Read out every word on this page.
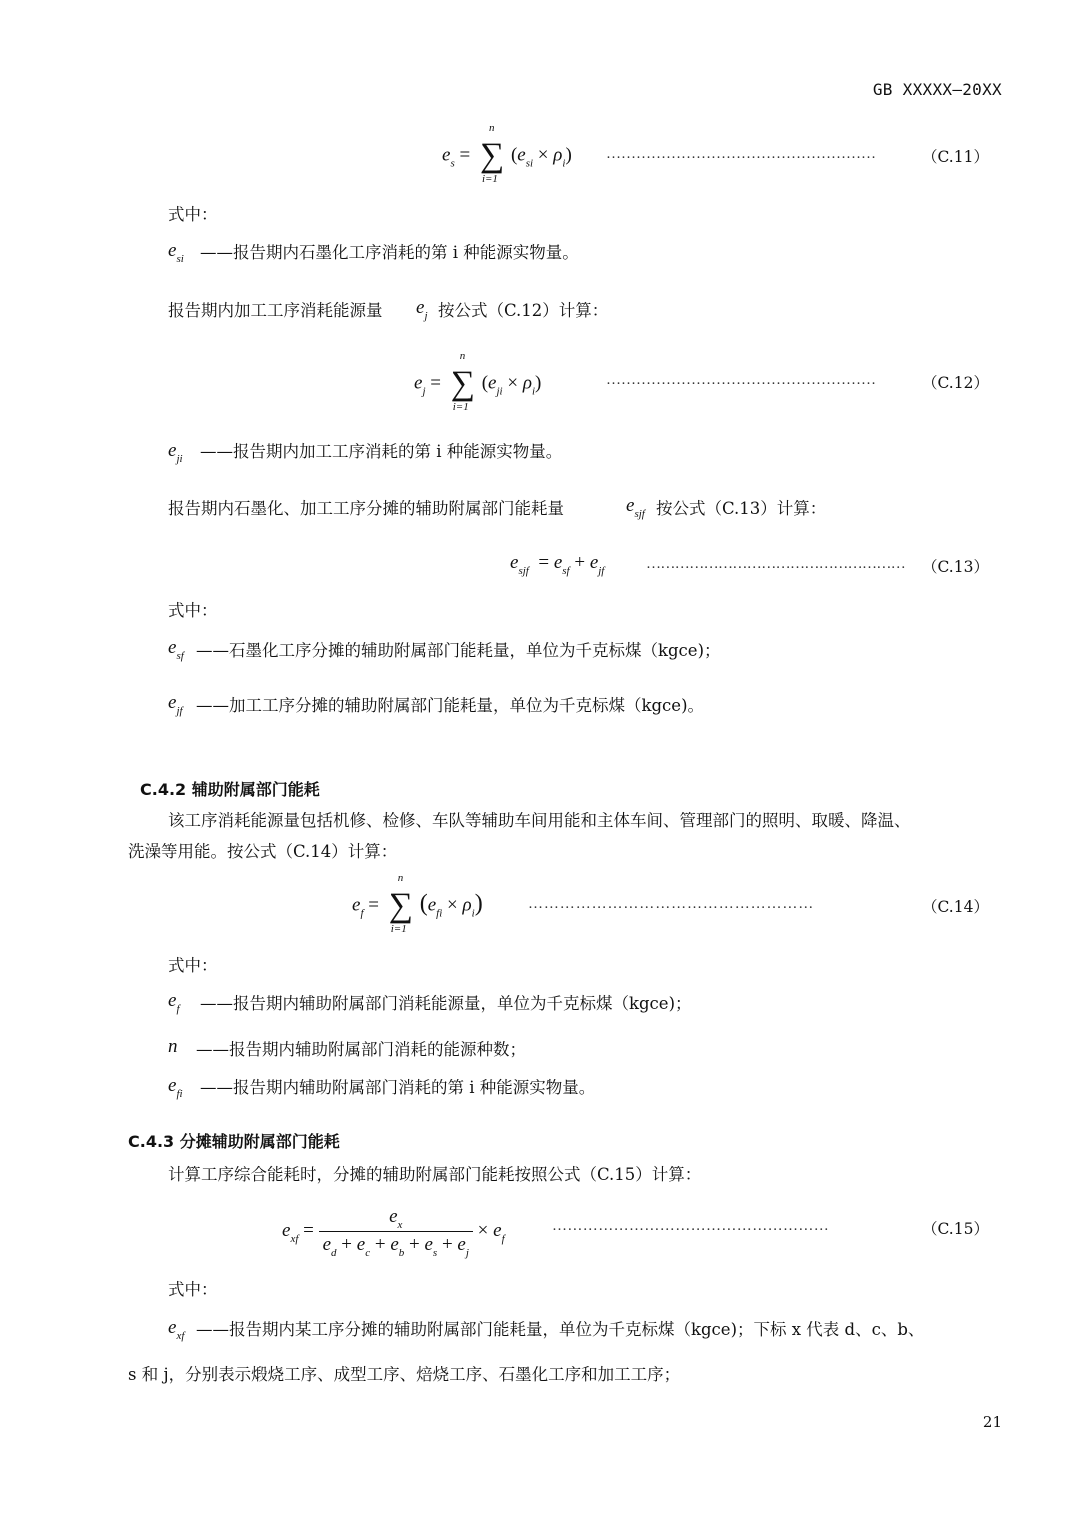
GB XXXXX—20XX
$e_s$ =
n
∑
i=1
$(e_{si} \times \rho_i)$ ………………………………………………	（C.11）
式中：
$e_{si}$ ——报告期内石墨化工序消耗的第 i 种能源实物量。
报告期内加工工序消耗能源量 $e_j$ 按公式（C.12）计算：
$e_j$ =
n
∑
i=1
$(e_{ji} \times \rho_i)$	………………………………………………	（C.12）
$e_{ji}$ ——报告期内加工工序消耗的第 i 种能源实物量。
报告期内石墨化、加工工序分摊的辅助附属部门能耗量	$e_{sjf}$ 按公式（C.13）计算：
$e_{sjf} = e_{sf} + e_{jf}$	……………………………………………… （C.13）
式中：
$e_{sf}$ ——石墨化工序分摊的辅助附属部门能耗量，单位为千克标煤（kgce)；
$e_{jf}$ ——加工工序分摊的辅助附属部门能耗量，单位为千克标煤（kgce)。
C.4.2 辅助附属部门能耗
该工序消耗能源量包括机修、检修、车队等辅助车间用能和主体车间、管理部门的照明、取暖、降温、
洗澡等用能。按公式（C.14）计算：
$e_f$ =
n
∑
i=1
$(e_{fi} \times \rho_i)$	………………………………………………	（C.14）
式中：
$e_f$ ——报告期内辅助附属部门消耗能源量，单位为千克标煤（kgce)；
n ——报告期内辅助附属部门消耗的能源种数；
$e_{fi}$ ——报告期内辅助附属部门消耗的第 i 种能源实物量。
C.4.3 分摊辅助附属部门能耗
计算工序综合能耗时，分摊的辅助附属部门能耗按照公式（C.15）计算：
$e_{xf} = \frac{e_x}{e_d + e_c + e_b + e_s + e_j} \times e_f$
………………………………………………	（C.15）
式中：
$e_{xf}$ ——报告期内某工序分摊的辅助附属部门能耗量，单位为千克标煤（kgce)；下标 x 代表 d、c、b、
s 和 j，分别表示煅烧工序、成型工序、焙烧工序、石墨化工序和加工工序；
21
